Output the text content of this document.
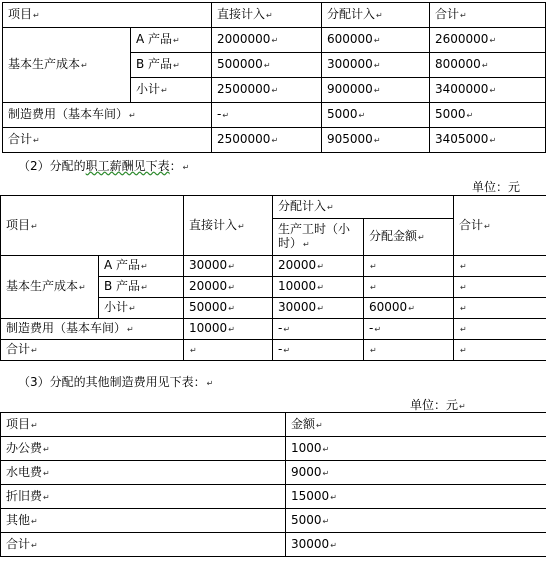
项目↵		直接计入↵	分配计入↵	合计↵
基本生产成本↵	A 产品↵	2000000↵	600000↵	2600000↵
	B 产品↵	500000↵	300000↵	800000↵
	小计↵	2500000↵	900000↵	3400000↵
制造费用（基本车间）↵		-↵	5000↵	5000↵
合计↵		2500000↵	905000↵	3405000↵
（2）分配的职工薪酬见下表：↵
单位：元
项目↵		直接计入↵	分配计入↵		合计↵
			生产工时（小时）↵	分配金额↵	
基本生产成本↵	A 产品↵	30000↵	20000↵	↵	↵
	B 产品↵	20000↵	10000↵	↵	↵
	小计↵	50000↵	30000↵	60000↵	↵
制造费用（基本车间）↵		10000↵	-↵	-↵	↵
合计↵		↵	-↵	↵	↵
（3）分配的其他制造费用见下表：↵
单位：元↵
项目↵	金额↵
办公费↵	1000↵
水电费↵	9000↵
折旧费↵	15000↵
其他↵	5000↵
合计↵	30000↵
